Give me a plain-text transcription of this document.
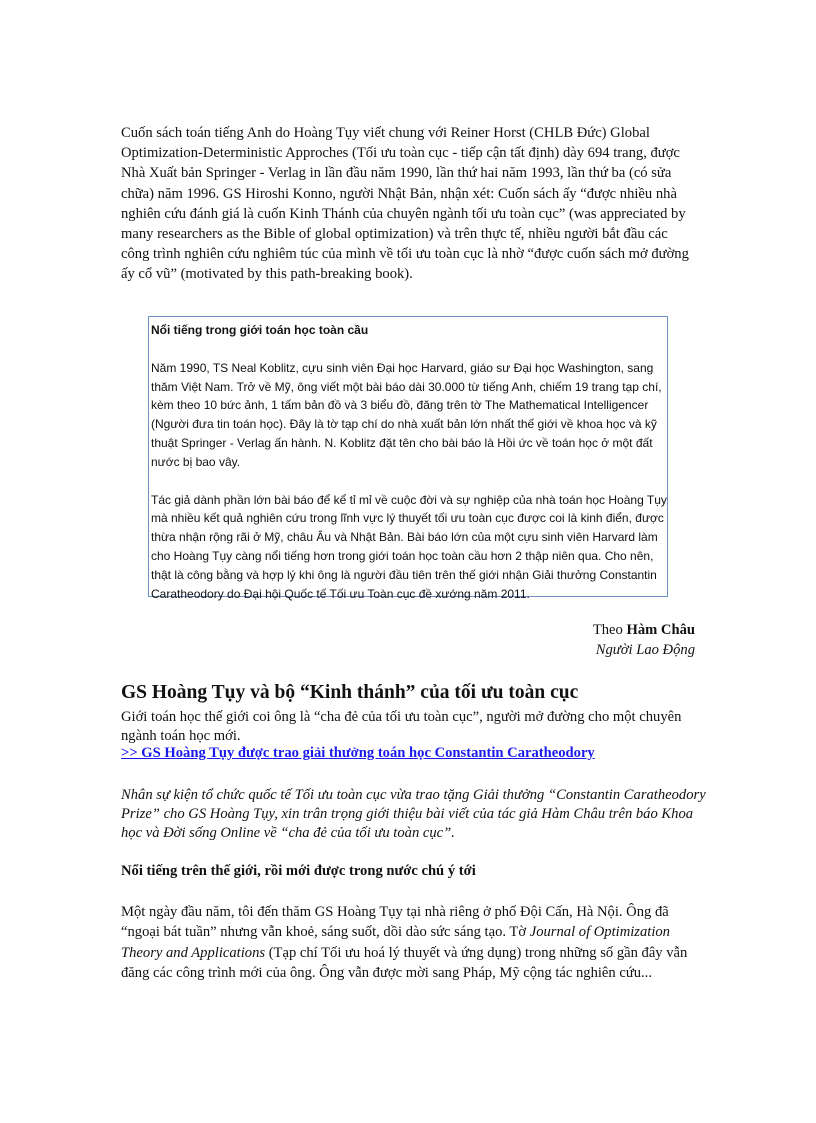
Cuốn sách toán tiếng Anh do Hoàng Tụy viết chung với Reiner Horst (CHLB Đức) Global Optimization-Deterministic Approches (Tối ưu toàn cục - tiếp cận tất định) dày 694 trang, được Nhà Xuất bản Springer - Verlag in lần đầu năm 1990, lần thứ hai năm 1993, lần thứ ba (có sửa chữa) năm 1996. GS Hiroshi Konno, người Nhật Bản, nhận xét: Cuốn sách ấy “được nhiều nhà nghiên cứu đánh giá là cuốn Kinh Thánh của chuyên ngành tối ưu toàn cục” (was appreciated by many researchers as the Bible of global optimization) và trên thực tế, nhiều người bắt đầu các công trình nghiên cứu nghiêm túc của mình về tối ưu toàn cục là nhờ “được cuốn sách mở đường ấy cổ vũ” (motivated by this path-breaking book).

Nổi tiếng trong giới toán học toàn cầu

Năm 1990, TS Neal Koblitz, cựu sinh viên Đại học Harvard, giáo sư Đại học Washington, sang thăm Việt Nam. Trở về Mỹ, ông viết một bài báo dài 30.000 từ tiếng Anh, chiếm 19 trang tạp chí, kèm theo 10 bức ảnh, 1 tấm bản đồ và 3 biểu đồ, đăng trên tờ The Mathematical Intelligencer (Người đưa tin toán học). Đây là tờ tạp chí do nhà xuất bản lớn nhất thế giới về khoa học và kỹ thuật Springer - Verlag ấn hành. N. Koblitz đặt tên cho bài báo là Hồi ức về toán học ở một đất nước bị bao vây.

Tác giả dành phần lớn bài báo để kể tỉ mỉ về cuộc đời và sự nghiệp của nhà toán học Hoàng Tụy mà nhiều kết quả nghiên cứu trong lĩnh vực lý thuyết tối ưu toàn cục được coi là kinh điển, được thừa nhận rộng rãi ở Mỹ, châu Âu và Nhật Bản. Bài báo lớn của một cựu sinh viên Harvard làm cho Hoàng Tụy càng nổi tiếng hơn trong giới toán học toàn cầu hơn 2 thập niên qua. Cho nên, thật là công bằng và hợp lý khi ông là người đầu tiên trên thế giới nhận Giải thưởng Constantin Caratheodory do Đại hội Quốc tế Tối ưu Toàn cục đề xướng năm 2011.

Theo Hàm Châu
Người Lao Động
GS Hoàng Tụy và bộ “Kinh thánh” của tối ưu toàn cục

Giới toán học thế giới coi ông là “cha đẻ của tối ưu toàn cục”, người mở đường cho một chuyên ngành toán học mới.

>> GS Hoàng Tụy được trao giải thưởng toán học Constantin Caratheodory

Nhân sự kiện tổ chức quốc tế Tối ưu toàn cục vừa trao tặng Giải thưởng “Constantin Caratheodory Prize” cho GS Hoàng Tụy, xin trân trọng giới thiệu bài viết của tác giả Hàm Châu trên báo Khoa học và Đời sống Online về “cha đẻ của tối ưu toàn cục”.

Nổi tiếng trên thế giới, rồi mới được trong nước chú ý tới

Một ngày đầu năm, tôi đến thăm GS Hoàng Tụy tại nhà riêng ở phố Đội Cấn, Hà Nội. Ông đã “ngoại bát tuần” nhưng vẫn khoẻ, sáng suốt, dồi dào sức sáng tạo. Tờ Journal of Optimization Theory and Applications (Tạp chí Tối ưu hoá lý thuyết và ứng dụng) trong những số gần đây vẫn đăng các công trình mới của ông. Ông vẫn được mời sang Pháp, Mỹ cộng tác nghiên cứu...
